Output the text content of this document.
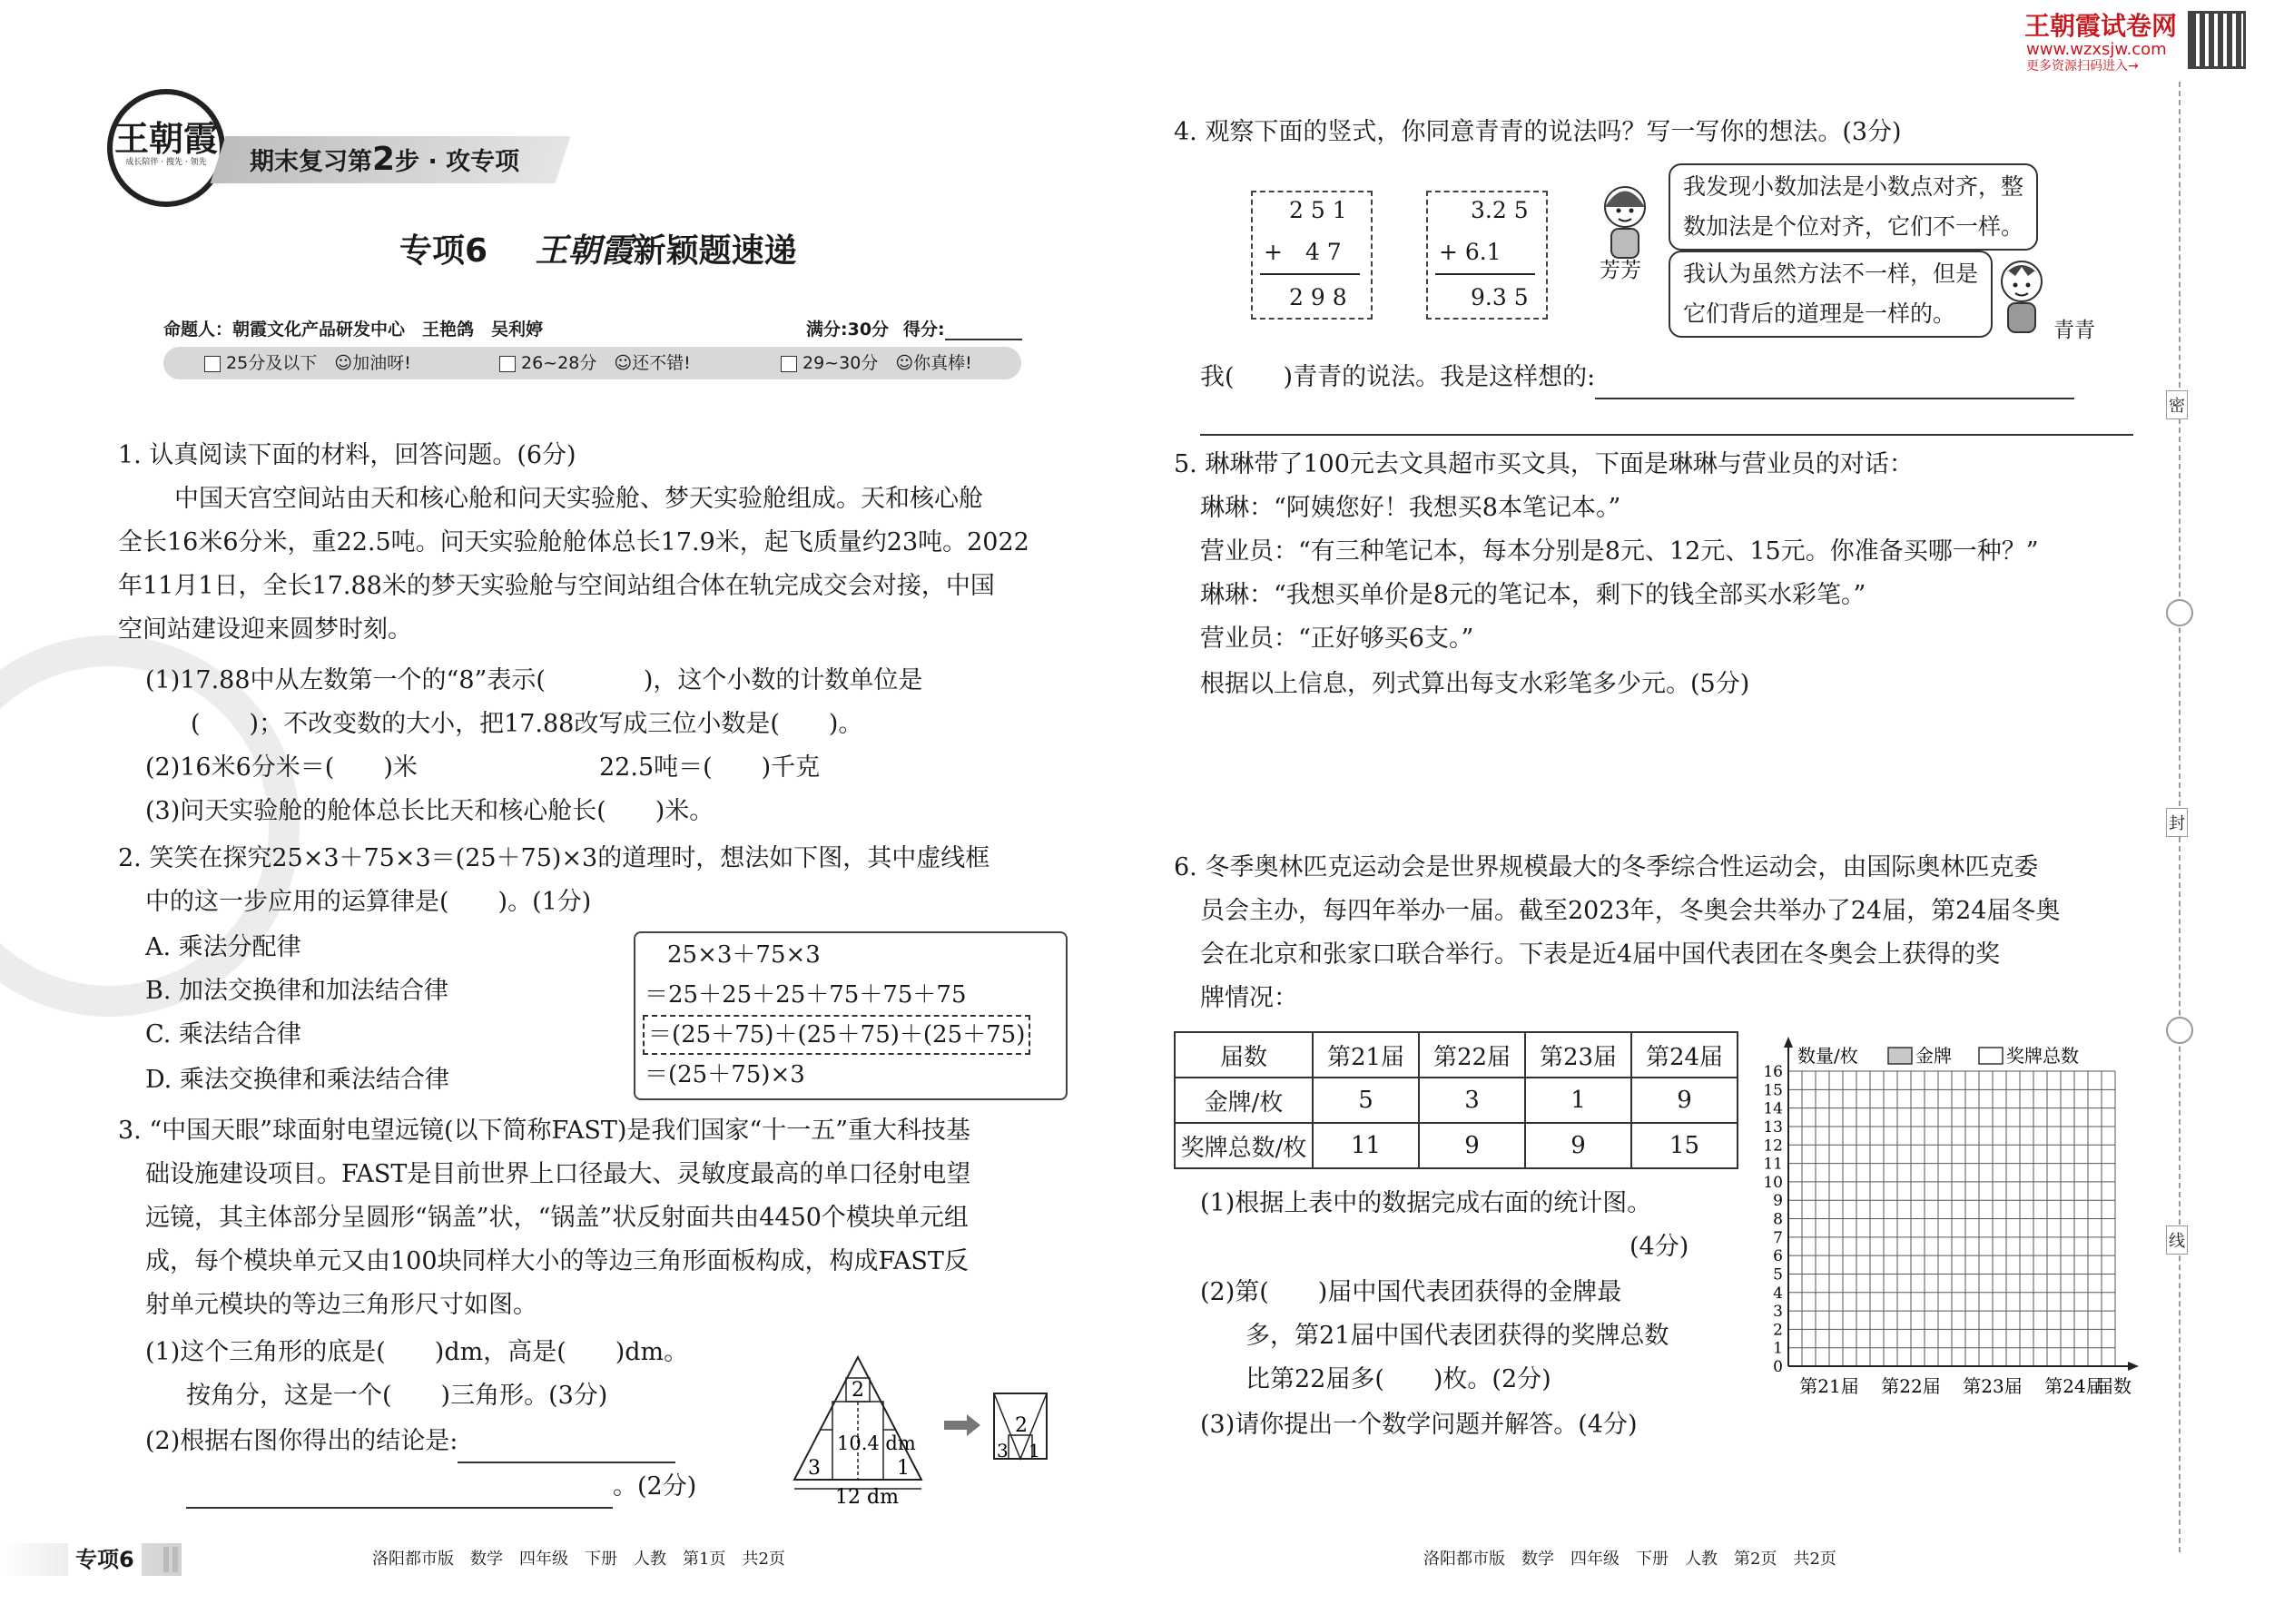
王朝霞
成长陪伴 · 搜先 · 领先	期末复习第2步 · 攻专项
专项6 王朝霞新颖题速递
命题人：朝霞文化产品研发中心　王艳鸽　吴利婷	满分:30分 得分:
25分及以下　 ☺加油呀!	26~28分　 ☺还不错!	29~30分　 ☺你真棒!
1. 认真阅读下面的材料，回答问题。(6分)
中国天宫空间站由天和核心舱和问天实验舱、梦天实验舱组成。天和核心舱
全长16米6分米，重22.5吨。问天实验舱舱体总长17.9米，起飞质量约23吨。2022
年11月1日，全长17.88米的梦天实验舱与空间站组合体在轨完成交会对接，中国
空间站建设迎来圆梦时刻。
(1)17.88中从左数第一个的“8”表示(　　　　)，这个小数的计数单位是
(　　)；不改变数的大小，把17.88改写成三位小数是(　　)。
(2)16米6分米＝(　　)米	22.5吨＝(　　)千克
(3)问天实验舱的舱体总长比天和核心舱长(　　)米。
2. 笑笑在探究25×3＋75×3＝(25＋75)×3的道理时，想法如下图，其中虚线框
中的这一步应用的运算律是(　　)。(1分)
A. 乘法分配律
B. 加法交换律和加法结合律
C. 乘法结合律
D. 乘法交换律和乘法结合律
25×3＋75×3
＝25＋25＋25＋75＋75＋75
＝(25＋75)＋(25＋75)＋(25＋75)
＝(25＋75)×3
3. “中国天眼”球面射电望远镜(以下简称FAST)是我们国家“十一五”重大科技基
础设施建设项目。FAST是目前世界上口径最大、灵敏度最高的单口径射电望
远镜，其主体部分呈圆形“锅盖”状，“锅盖”状反射面共由4450个模块单元组
成，每个模块单元又由100块同样大小的等边三角形面板构成，构成FAST反
射单元模块的等边三角形尺寸如图。
(1)这个三角形的底是(　　)dm，高是(　　)dm。
按角分，这是一个(　　)三角形。(3分)
(2)根据右图你得出的结论是:
。(2分)
2
10.4 dm
3	1
12 dm
2
3 1
专项6	洛阳都市版　数学　四年级　下册　人教　第1页　共2页
王朝霞试卷网
www.wzxsjw.com
更多资源扫码进入→
4. 观察下面的竖式，你同意青青的说法吗？写一写你的想法。(3分)
2 5 1
+　4 7
2 9 8
3.2 5
+ 6.1
9.3 5
芳芳
我发现小数加法是小数点对齐，整
数加法是个位对齐，它们不一样。
我认为虽然方法不一样，但是
它们背后的道理是一样的。
青青
我(　　)青青的说法。我是这样想的:
5. 琳琳带了100元去文具超市买文具，下面是琳琳与营业员的对话：
琳琳：“阿姨您好！我想买8本笔记本。”
营业员：“有三种笔记本，每本分别是8元、12元、15元。你准备买哪一种？”
琳琳：“我想买单价是8元的笔记本，剩下的钱全部买水彩笔。”
营业员：“正好够买6支。”
根据以上信息，列式算出每支水彩笔多少元。(5分)
6. 冬季奥林匹克运动会是世界规模最大的冬季综合性运动会，由国际奥林匹克委
员会主办，每四年举办一届。截至2023年，冬奥会共举办了24届，第24届冬奥
会在北京和张家口联合举行。下表是近4届中国代表团在冬奥会上获得的奖
牌情况：
届数	第21届	第22届	第23届	第24届
金牌/枚	5	3	1	9
奖牌总数/枚	11	9	9	15
(1)根据上表中的数据完成右面的统计图。
(4分)
(2)第(　　)届中国代表团获得的金牌最
多，第21届中国代表团获得的奖牌总数
比第22届多(　　)枚。(2分)
(3)请你提出一个数学问题并解答。(4分)
0
1
2
3
4
5
6
7
8
9
10
11
12
13
14
15
16
第21届 第22届 第23届 第24届
数量/枚	金牌	奖牌总数
届数
密
封
线
洛阳都市版　数学　四年级　下册　人教　第2页　共2页
